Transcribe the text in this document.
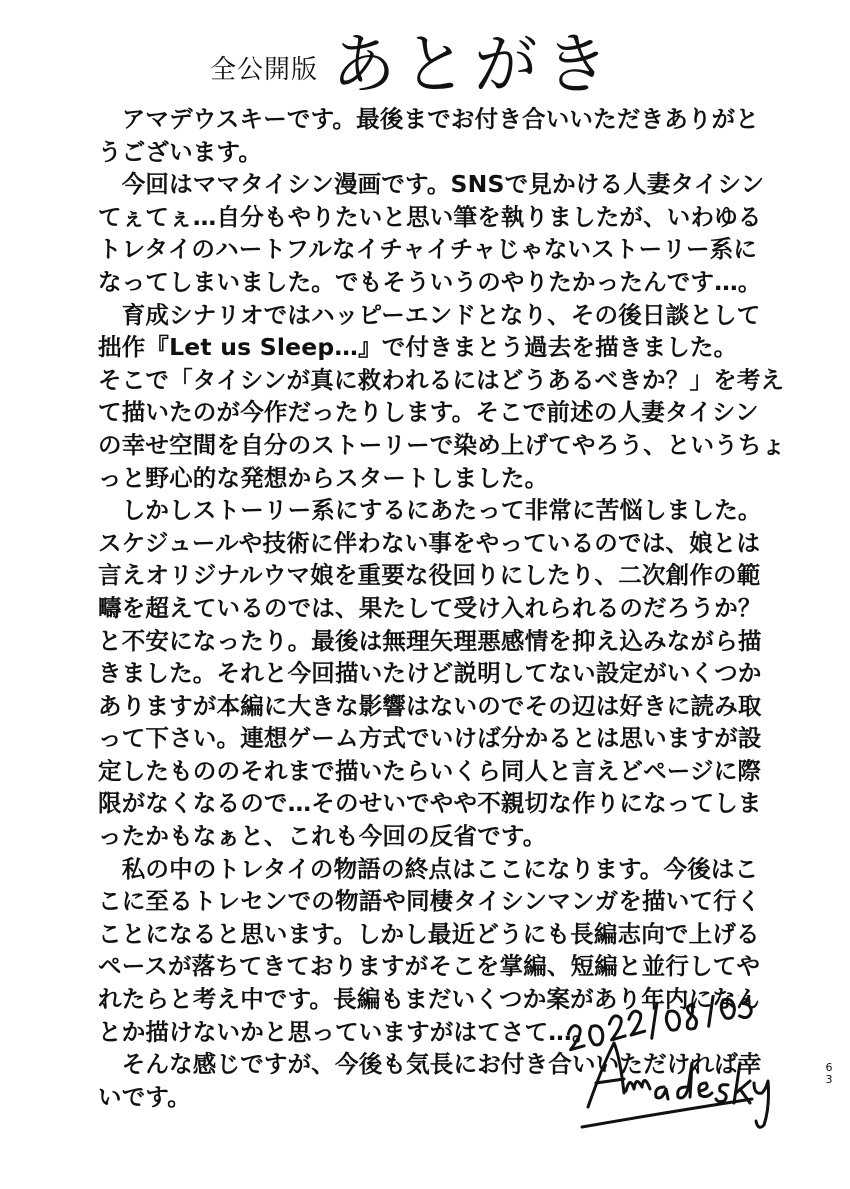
全公開版 あとがき
　アマデウスキーです。最後までお付き合いいただきありがと
うございます。
　今回はママタイシン漫画です。SNSで見かける人妻タイシン
てぇてぇ…自分もやりたいと思い筆を執りましたが、いわゆる
トレタイのハートフルなイチャイチャじゃないストーリー系に
なってしまいました。でもそういうのやりたかったんです…。
　育成シナリオではハッピーエンドとなり、その後日談として
拙作『Let us Sleep…』で付きまとう過去を描きました。
そこで「タイシンが真に救われるにはどうあるべきか？」を考え
て描いたのが今作だったりします。そこで前述の人妻タイシン
の幸せ空間を自分のストーリーで染め上げてやろう、というちょ
っと野心的な発想からスタートしました。
　しかしストーリー系にするにあたって非常に苦悩しました。
スケジュールや技術に伴わない事をやっているのでは、娘とは
言えオリジナルウマ娘を重要な役回りにしたり、二次創作の範
疇を超えているのでは、果たして受け入れられるのだろうか？
と不安になったり。最後は無理矢理悪感情を抑え込みながら描
きました。それと今回描いたけど説明してない設定がいくつか
ありますが本編に大きな影響はないのでその辺は好きに読み取
って下さい。連想ゲーム方式でいけば分かるとは思いますが設
定したもののそれまで描いたらいくら同人と言えどページに際
限がなくなるので…そのせいでやや不親切な作りになってしま
ったかもなぁと、これも今回の反省です。
　私の中のトレタイの物語の終点はここになります。今後はこ
こに至るトレセンでの物語や同棲タイシンマンガを描いて行く
ことになると思います。しかし最近どうにも長編志向で上げる
ペースが落ちてきておりますがそこを掌編、短編と並行してや
れたらと考え中です。長編もまだいくつか案があり年内になん
とか描けないかと思っていますがはてさて…。
　そんな感じですが、今後も気長にお付き合いいただければ幸
いです。
6
3
